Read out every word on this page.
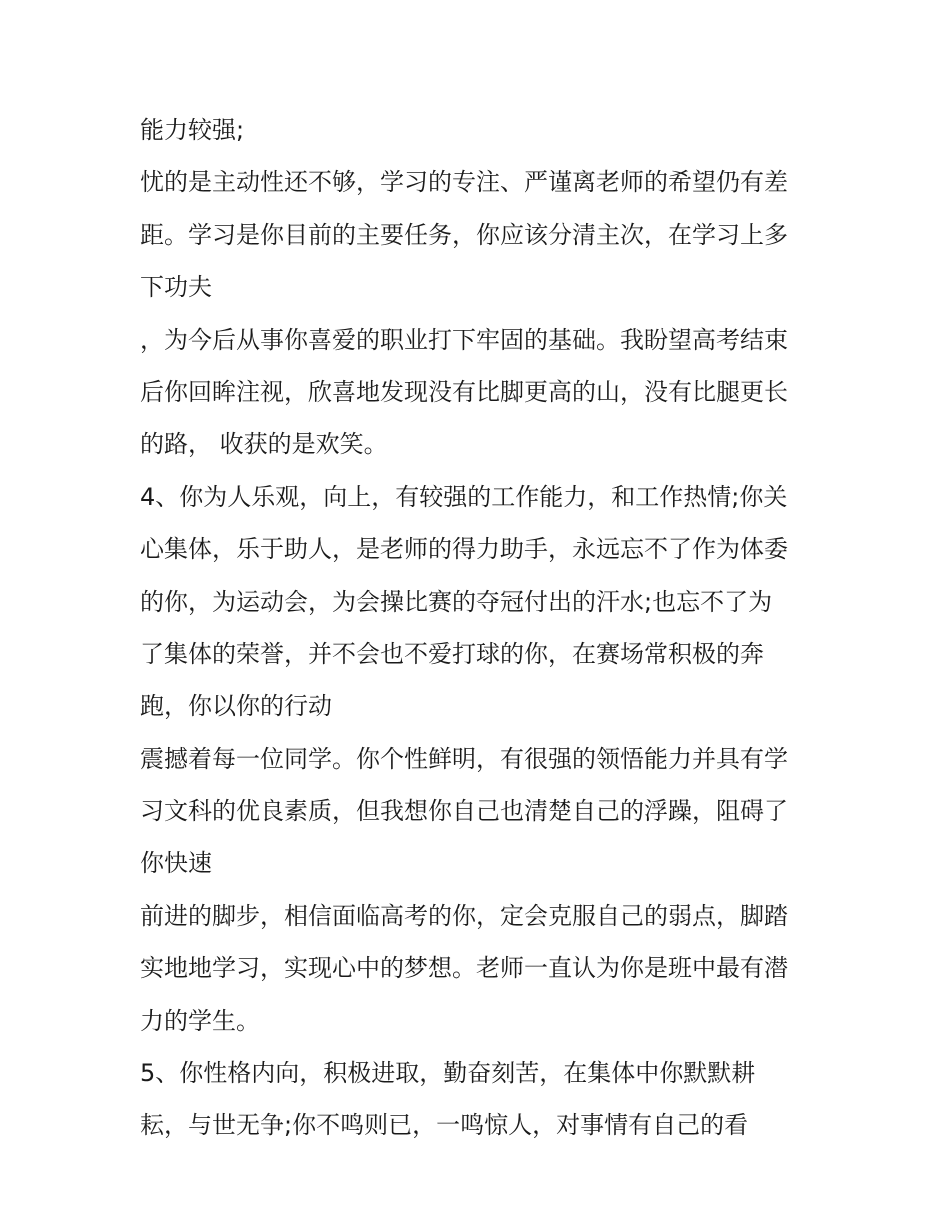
能力较强;
忧的是主动性还不够，学习的专注、严谨离老师的希望仍有差
距。学习是你目前的主要任务，你应该分清主次，在学习上多
下功夫
，为今后从事你喜爱的职业打下牢固的基础。我盼望高考结束
后你回眸注视，欣喜地发现没有比脚更高的山，没有比腿更长
的路， 收获的是欢笑。
4、你为人乐观，向上，有较强的工作能力，和工作热情;你关
心集体，乐于助人，是老师的得力助手，永远忘不了作为体委
的你，为运动会，为会操比赛的夺冠付出的汗水;也忘不了为
了集体的荣誉，并不会也不爱打球的你，在赛场常积极的奔
跑，你以你的行动
震撼着每一位同学。你个性鲜明，有很强的领悟能力并具有学
习文科的优良素质，但我想你自己也清楚自己的浮躁，阻碍了
你快速
前进的脚步，相信面临高考的你，定会克服自己的弱点，脚踏
实地地学习，实现心中的梦想。老师一直认为你是班中最有潜
力的学生。
5、你性格内向，积极进取，勤奋刻苦，在集体中你默默耕
耘，与世无争;你不鸣则已，一鸣惊人，对事情有自己的看
